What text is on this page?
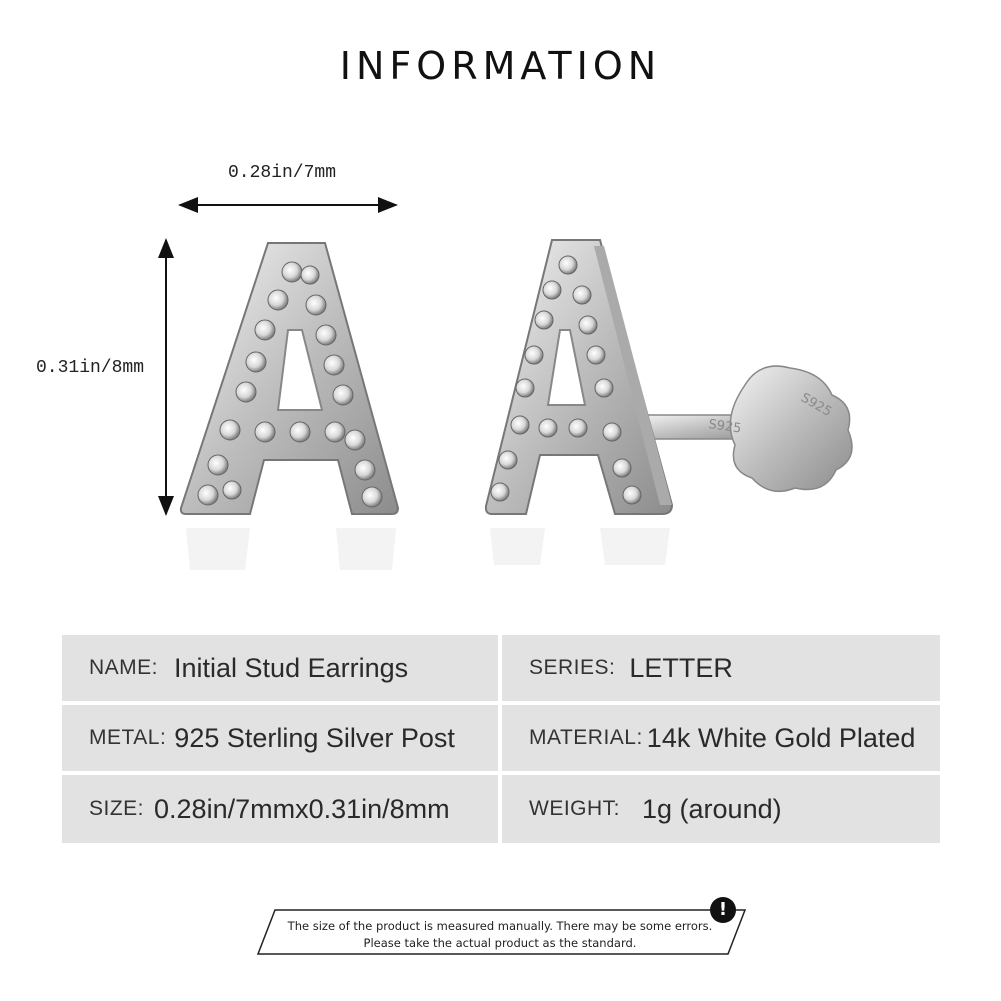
INFORMATION
S925
S925
0.28in/7mm
0.31in/8mm
NAME: Initial Stud Earrings	SERIES: LETTER
METAL: 925 Sterling Silver Post	MATERIAL: 14k White Gold Plated
SIZE: 0.28in/7mmx0.31in/8mm	WEIGHT: 1g (around)
The size of the product is measured manually. There may be some errors.
Please take the actual product as the standard.
!
